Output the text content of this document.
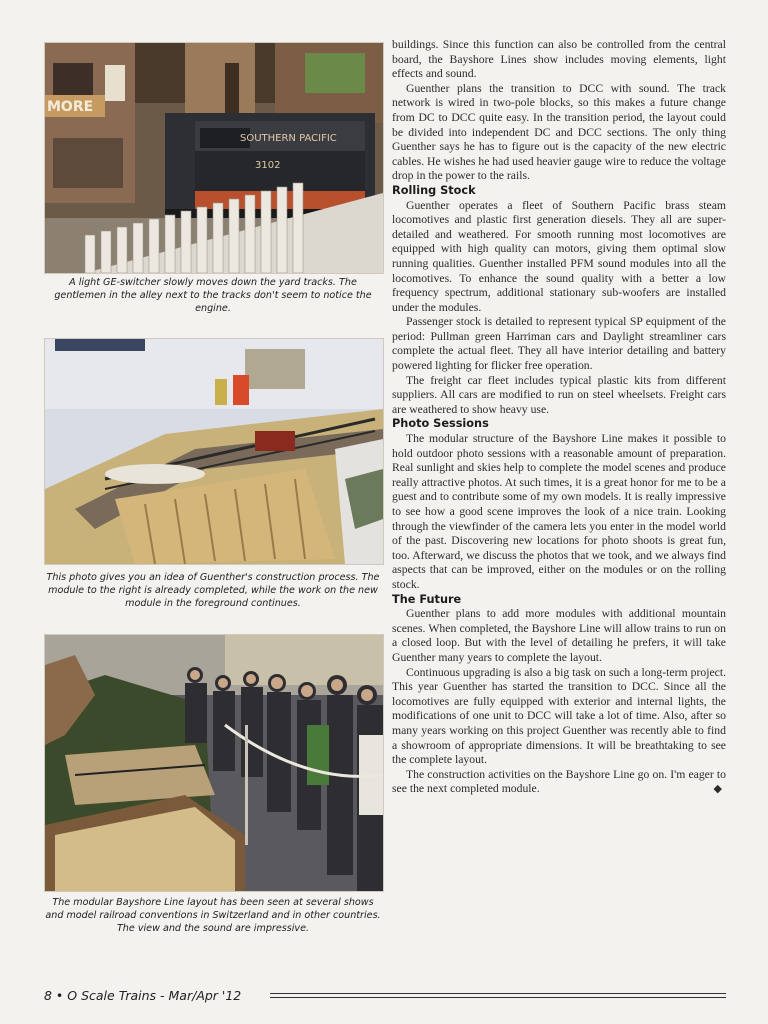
MORE
SOUTHERN PACIFIC
3102
A light GE-switcher slowly moves down the yard tracks. The gentlemen in the alley next to the tracks don't seem to notice the engine.
This photo gives you an idea of Guenther's construction process. The module to the right is already completed, while the work on the new module in the foreground continues.
The modular Bayshore Line layout has been seen at several shows and model railroad conventions in Switzerland and in other countries. The view and the sound are impressive.

buildings. Since this function can also be controlled from the central board, the Bayshore Lines show includes moving elements, light effects and sound.

Guenther plans the transition to DCC with sound. The track network is wired in two-pole blocks, so this makes a future change from DC to DCC quite easy. In the transition period, the layout could be divided into independent DC and DCC sections. The only thing Guenther says he has to figure out is the capacity of the new electric cables. He wishes he had used heavier gauge wire to reduce the voltage drop in the power to the rails.

Rolling Stock

Guenther operates a fleet of Southern Pacific brass steam locomotives and plastic first generation diesels. They all are super-detailed and weathered. For smooth running most locomotives are equipped with high quality can motors, giving them optimal slow running qualities. Guenther installed PFM sound modules into all the locomotives. To enhance the sound quality with a better a low frequency spectrum, additional stationary sub-woofers are installed under the modules.

Passenger stock is detailed to represent typical SP equipment of the period: Pullman green Harriman cars and Daylight streamliner cars complete the actual fleet. They all have interior detailing and battery powered lighting for flicker free operation.

The freight car fleet includes typical plastic kits from different suppliers. All cars are modified to run on steel wheelsets. Freight cars are weathered to show heavy use.

Photo Sessions

The modular structure of the Bayshore Line makes it possible to hold outdoor photo sessions with a reasonable amount of preparation. Real sunlight and skies help to complete the model scenes and produce really attractive photos. At such times, it is a great honor for me to be a guest and to contribute some of my own models. It is really impressive to see how a good scene improves the look of a nice train. Looking through the viewfinder of the camera lets you enter in the model world of the past. Discovering new locations for photo shoots is great fun, too. Afterward, we discuss the photos that we took, and we always find aspects that can be improved, either on the modules or on the rolling stock.

The Future

Guenther plans to add more modules with additional mountain scenes. When completed, the Bayshore Line will allow trains to run on a closed loop. But with the level of detailing he prefers, it will take Guenther many years to complete the layout.

Continuous upgrading is also a big task on such a long-term project. This year Guenther has started the transition to DCC. Since all the locomotives are fully equipped with exterior and internal lights, the modifications of one unit to DCC will take a lot of time. Also, after so many years working on this project Guenther was recently able to find a showroom of appropriate dimensions. It will be breathtaking to see the complete layout.

The construction activities on the Bayshore Line go on. I'm eager to see the next completed module.	◆

8 • O Scale Trains - Mar/Apr '12
